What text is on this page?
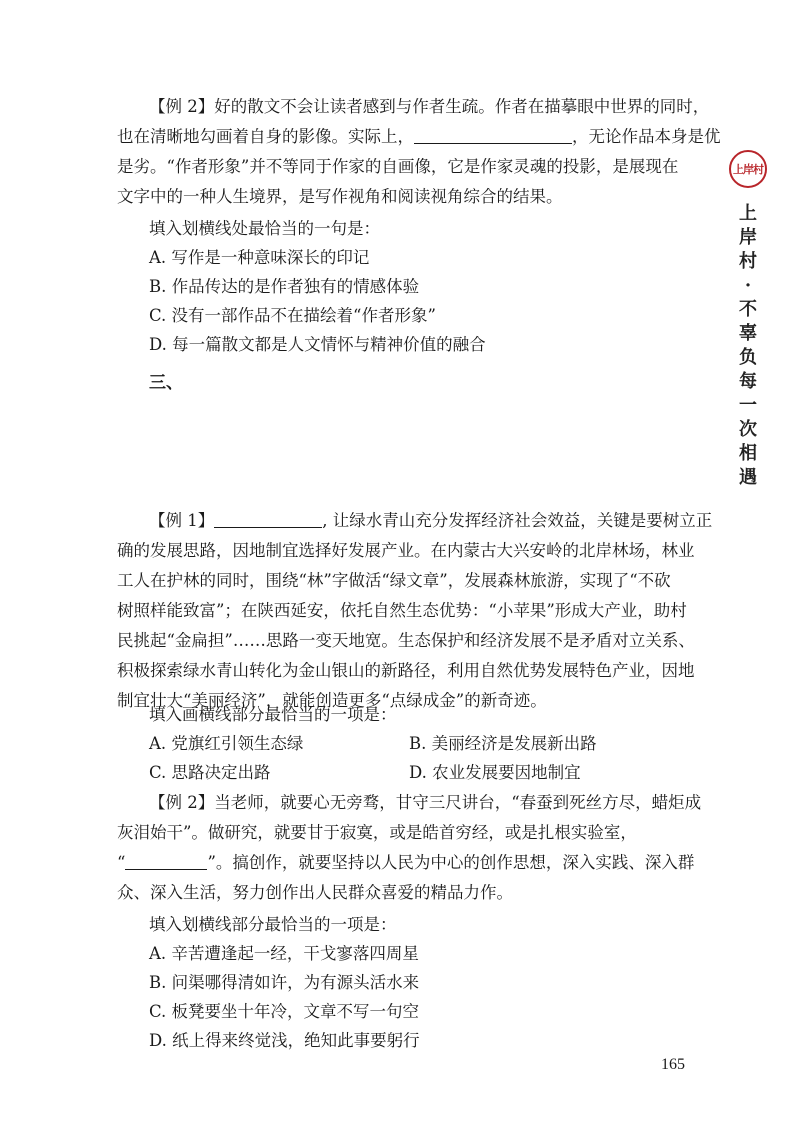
上岸村
上
岸
村
·
不
辜
负
每
一
次
相
遇
【例 2】好的散文不会让读者感到与作者生疏。作者在描摹眼中世界的同时，
也在清晰地勾画着自身的影像。实际上，	，无论作品本身是优
是劣。“作者形象”并不等同于作家的自画像，它是作家灵魂的投影，是展现在
文字中的一种人生境界，是写作视角和阅读视角综合的结果。

填入划横线处最恰当的一句是：

A. 写作是一种意味深长的印记

B. 作品传达的是作者独有的情感体验

C. 没有一部作品不在描绘着“作者形象”

D. 每一篇散文都是人文情怀与精神价值的融合

三、
【例 1】	, 让绿水青山充分发挥经济社会效益，关键是要树立正
确的发展思路，因地制宜选择好发展产业。在内蒙古大兴安岭的北岸林场，林业
工人在护林的同时，围绕“林”字做活“绿文章”，发展森林旅游，实现了“不砍
树照样能致富”；在陕西延安，依托自然生态优势：“小苹果”形成大产业，助村
民挑起“金扁担”……思路一变天地宽。生态保护和经济发展不是矛盾对立关系、
积极探索绿水青山转化为金山银山的新路径，利用自然优势发展特色产业，因地
制宜壮大“美丽经济”，就能创造更多“点绿成金”的新奇迹。

填入画横线部分最恰当的一项是：

A. 党旗红引领生态绿	B. 美丽经济是发展新出路
C. 思路决定出路	D. 农业发展要因地制宜
【例 2】当老师，就要心无旁骛，甘守三尺讲台，“春蚕到死丝方尽，蜡炬成
灰泪始干”。做研究，就要甘于寂寞，或是皓首穷经，或是扎根实验室，
“	”。搞创作，就要坚持以人民为中心的创作思想，深入实践、深入群
众、深入生活，努力创作出人民群众喜爱的精品力作。

填入划横线部分最恰当的一项是：

A. 辛苦遭逢起一经，干戈寥落四周星

B. 问渠哪得清如许，为有源头活水来

C. 板凳要坐十年冷，文章不写一句空

D. 纸上得来终觉浅，绝知此事要躬行

165
